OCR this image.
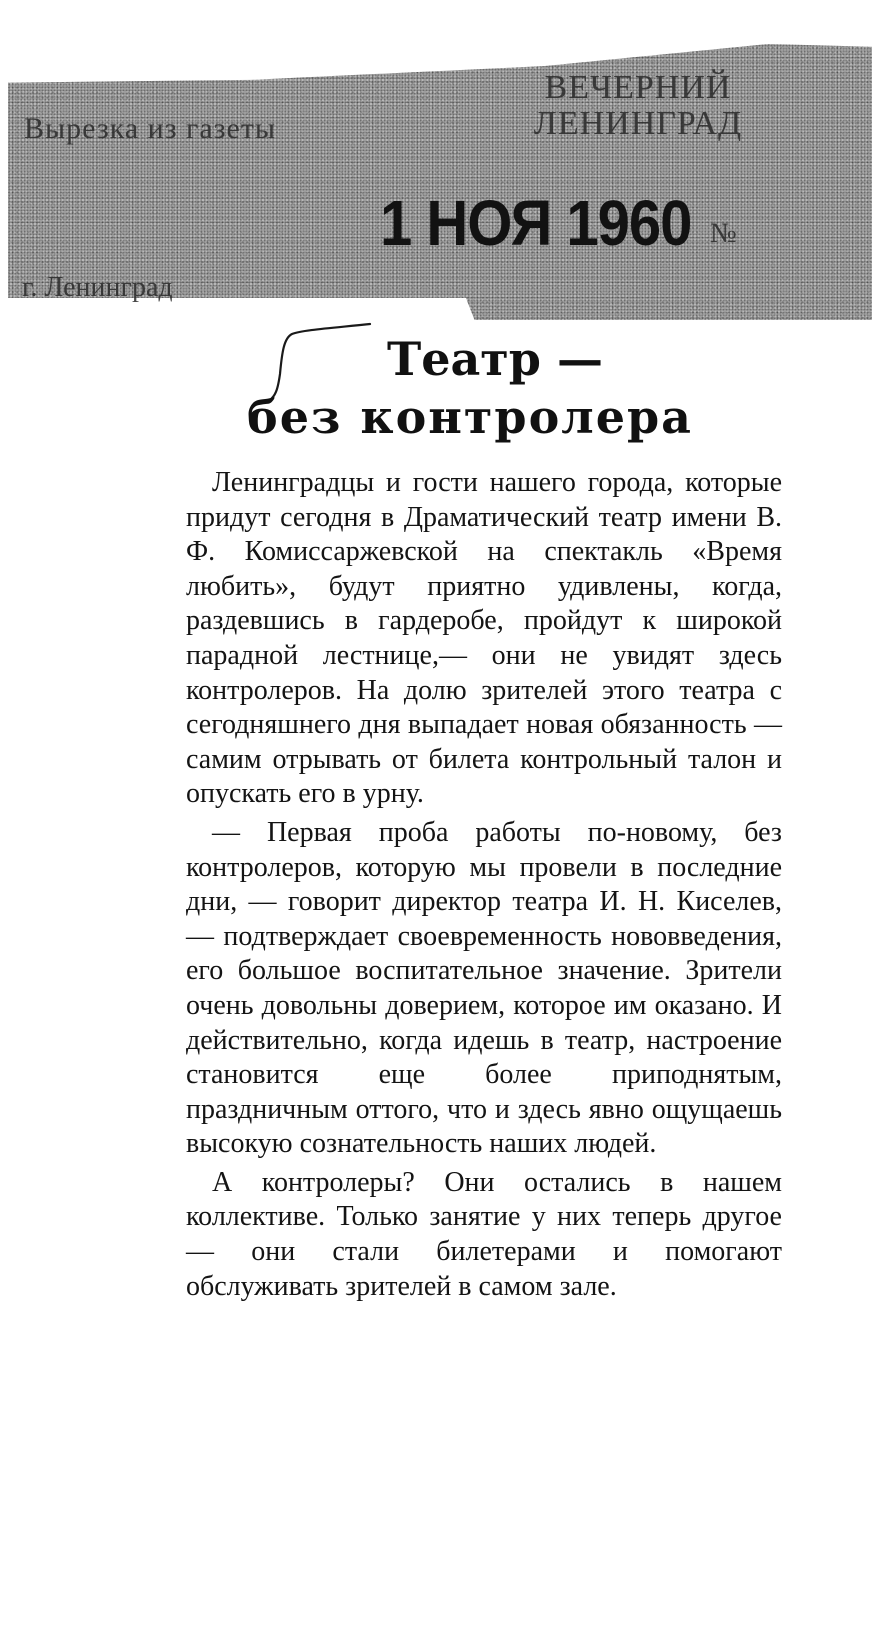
Вырезка из газеты
ВЕЧЕРНИЙ ЛЕНИНГРАД
1 НОЯ 1960 №
г. Ленинград
Театр —
без контролера

Ленинградцы и гости нашего города, которые придут сегодня в Драматический театр имени В. Ф. Комиссаржевской на спектакль «Время любить», будут приятно удивлены, когда, раздевшись в гардеробе, пройдут к широкой парадной лестнице,— они не увидят здесь контролеров. На долю зрителей этого театра с сегодняшнего дня выпадает новая обязанность — самим отрывать от билета контрольный талон и опускать его в урну.

— Первая проба работы по-новому, без контролеров, которую мы провели в последние дни, — говорит директор театра И. Н. Киселев, — подтверждает своевременность нововведения, его большое воспитательное значение. Зрители очень довольны доверием, которое им оказано. И действительно, когда идешь в театр, настроение становится еще более приподнятым, праздничным оттого, что и здесь явно ощущаешь высокую сознательность наших людей.

А контролеры? Они остались в нашем коллективе. Только занятие у них теперь другое — они стали билетерами и помогают обслуживать зрителей в самом зале.
